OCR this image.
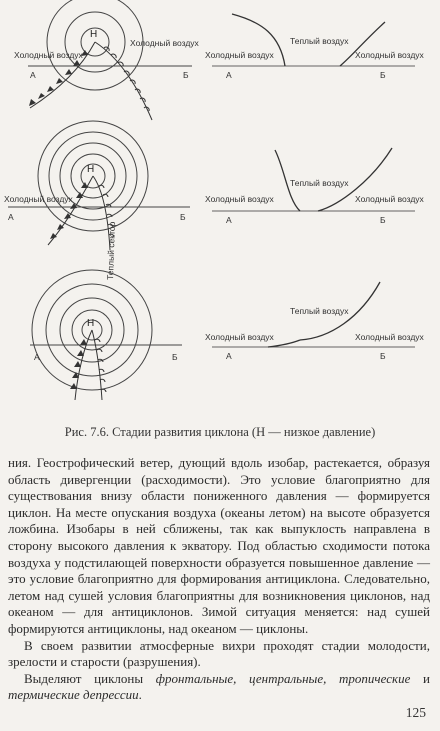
Холодный воздух
Холодный воздух
Н
А	Б
Холодный воздух
Теплый воздух
Холодный воздух
А	Б
Холодный воздух
Н
А	Б
Теплый сектор
Холодный воздух
Теплый воздух
Холодный воздух
А	Б
Н
А	Б
Холодный воздух
Теплый воздух
Холодный воздух
А	Б
Рис. 7.6. Стадии развития циклона (Н — низкое давление)

ния. Геострофический ветер, дующий вдоль изобар, растекается, образуя область дивергенции (расходимости). Это условие благоприятно для существования внизу области пониженного давления — формируется циклон. На месте опускания воздуха (океаны летом) на высоте образуется ложбина. Изобары в ней сближены, так как выпуклость направлена в сторону высокого давления к экватору. Под областью сходимости потока воздуха у подстилающей поверхности образуется повышенное давление — это условие благоприятно для формирования антициклона. Следовательно, летом над сушей условия благоприятны для возникновения циклонов, над океаном — для антициклонов. Зимой ситуация меняется: над сушей формируются антициклоны, над океаном — циклоны.

В своем развитии атмосферные вихри проходят стадии молодости, зрелости и старости (разрушения).

Выделяют циклоны фронтальные, центральные, тропические и термические депрессии.

125
